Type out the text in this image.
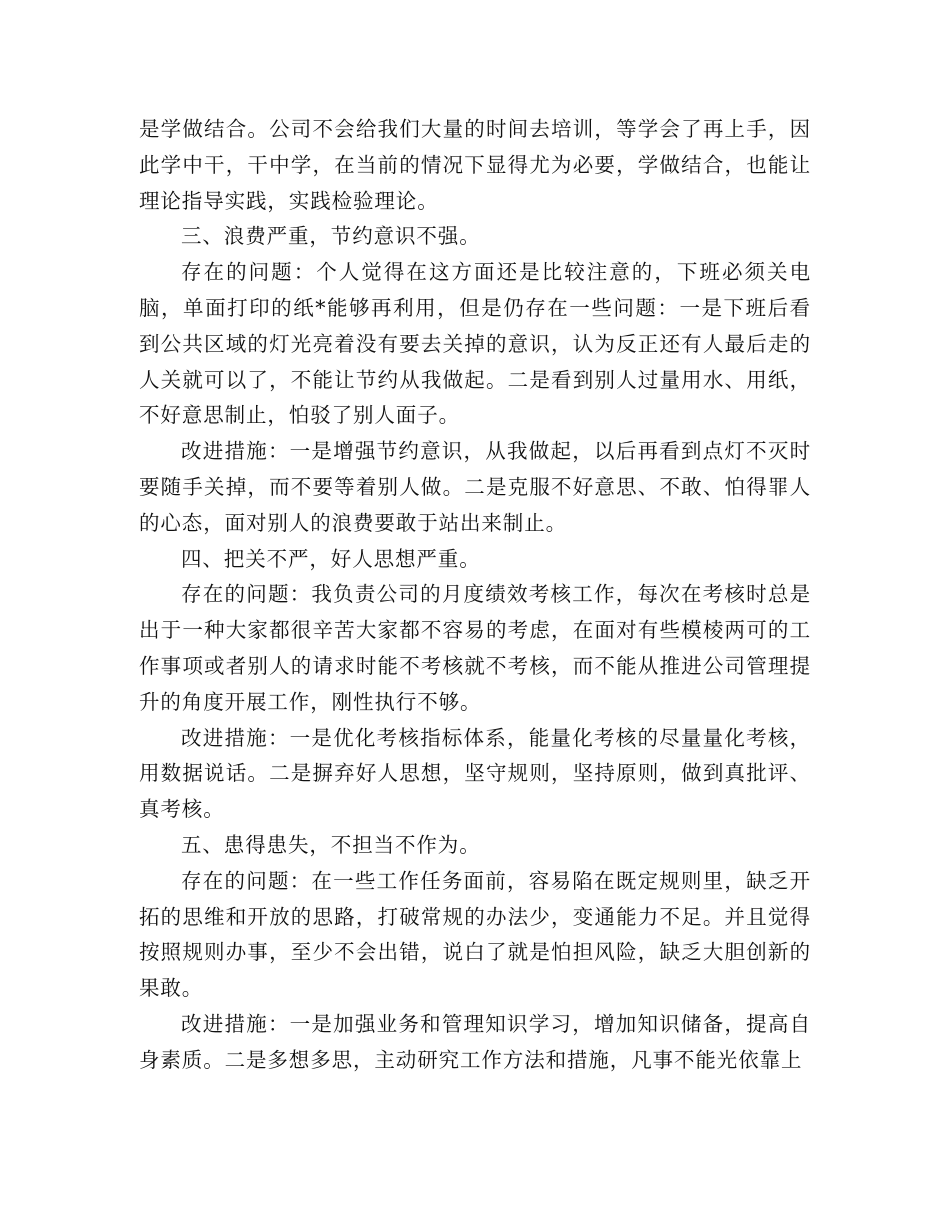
是学做结合。公司不会给我们大量的时间去培训，等学会了再上手，因此学中干，干中学，在当前的情况下显得尤为必要，学做结合，也能让理论指导实践，实践检验理论。

三、浪费严重，节约意识不强。

存在的问题：个人觉得在这方面还是比较注意的，下班必须关电脑，单面打印的纸*能够再利用，但是仍存在一些问题：一是下班后看到公共区域的灯光亮着没有要去关掉的意识，认为反正还有人最后走的人关就可以了，不能让节约从我做起。二是看到别人过量用水、用纸，不好意思制止，怕驳了别人面子。

改进措施：一是增强节约意识，从我做起，以后再看到点灯不灭时要随手关掉，而不要等着别人做。二是克服不好意思、不敢、怕得罪人的心态，面对别人的浪费要敢于站出来制止。

四、把关不严，好人思想严重。

存在的问题：我负责公司的月度绩效考核工作，每次在考核时总是出于一种大家都很辛苦大家都不容易的考虑，在面对有些模棱两可的工作事项或者别人的请求时能不考核就不考核，而不能从推进公司管理提升的角度开展工作，刚性执行不够。

改进措施：一是优化考核指标体系，能量化考核的尽量量化考核，用数据说话。二是摒弃好人思想，坚守规则，坚持原则，做到真批评、真考核。

五、患得患失，不担当不作为。

存在的问题：在一些工作任务面前，容易陷在既定规则里，缺乏开拓的思维和开放的思路，打破常规的办法少，变通能力不足。并且觉得按照规则办事，至少不会出错，说白了就是怕担风险，缺乏大胆创新的果敢。

改进措施：一是加强业务和管理知识学习，增加知识储备，提高自身素质。二是多想多思，主动研究工作方法和措施，凡事不能光依靠上
